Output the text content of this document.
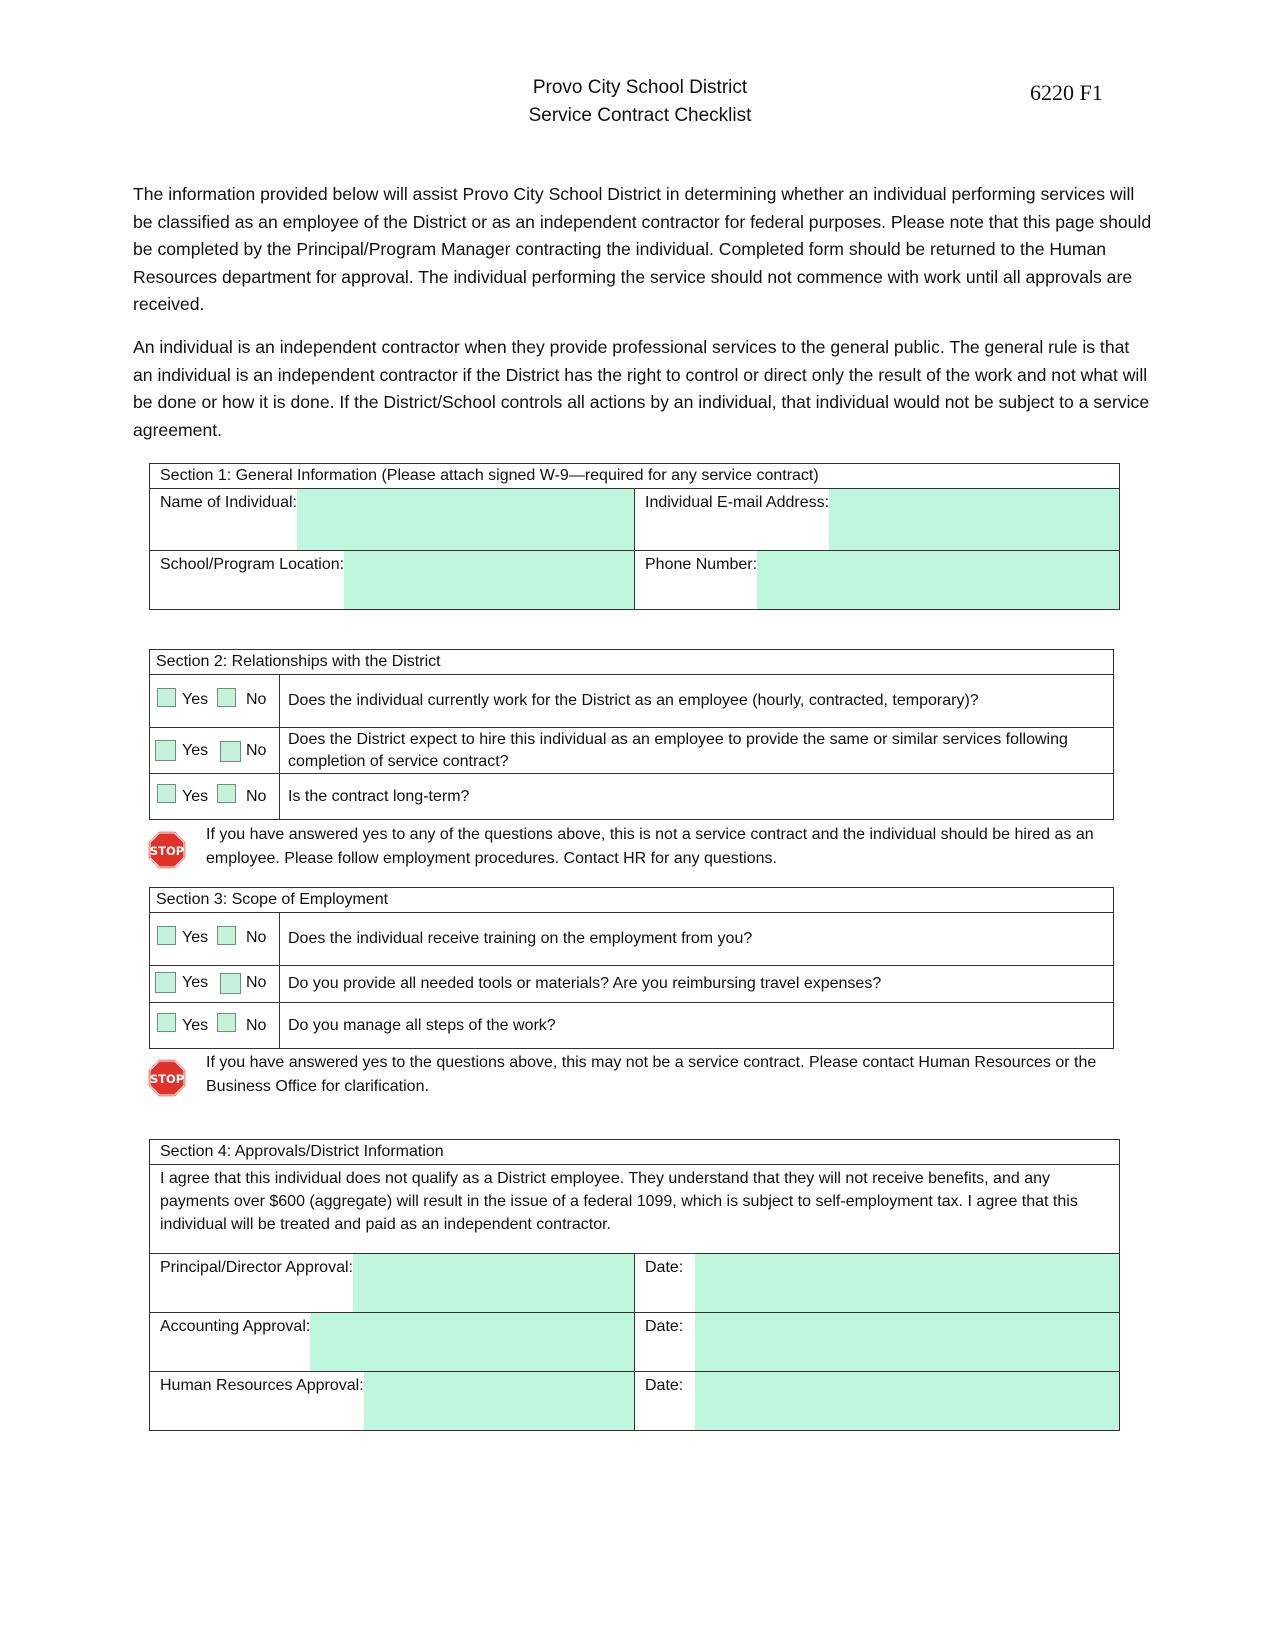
Provo City School District
Service Contract Checklist
6220 F1

The information provided below will assist Provo City School District in determining whether an individual performing services will be classified as an employee of the District or as an independent contractor for federal purposes. Please note that this page should be completed by the Principal/Program Manager contracting the individual. Completed form should be returned to the Human Resources department for approval. The individual performing the service should not commence with work until all approvals are received.

An individual is an independent contractor when they provide professional services to the general public. The general rule is that an individual is an independent contractor if the District has the right to control or direct only the result of the work and not what will be done or how it is done. If the District/School controls all actions by an individual, that individual would not be subject to a service agreement.

Section 1: General Information (Please attach signed W-9—required for any service contract)	

Name of Individual:	Individual E-mail Address:

School/Program Location:	Phone Number:
Section 2: Relationships with the District	

Yes No	Does the individual currently work for the District as an employee (hourly, contracted, temporary)?

Yes No	Does the District expect to hire this individual as an employee to provide the same or similar services following completion of service contract?

Yes No	Is the contract long-term?
STOP
If you have answered yes to any of the questions above, this is not a service contract and the individual should be hired as an employee. Please follow employment procedures. Contact HR for any questions.
Section 3: Scope of Employment	

Yes No	Does the individual receive training on the employment from you?

Yes No	Do you provide all needed tools or materials? Are you reimbursing travel expenses?

Yes No	Do you manage all steps of the work?
STOP
If you have answered yes to the questions above, this may not be a service contract. Please contact Human Resources or the Business Office for clarification.
Section 4: Approvals/District Information	
I agree that this individual does not qualify as a District employee. They understand that they will not receive benefits, and any payments over $600 (aggregate) will result in the issue of a federal 1099, which is subject to self-employment tax. I agree that this individual will be treated and paid as an independent contractor.	

Principal/Director Approval:	Date:

Accounting Approval:	Date:

Human Resources Approval:	Date:
